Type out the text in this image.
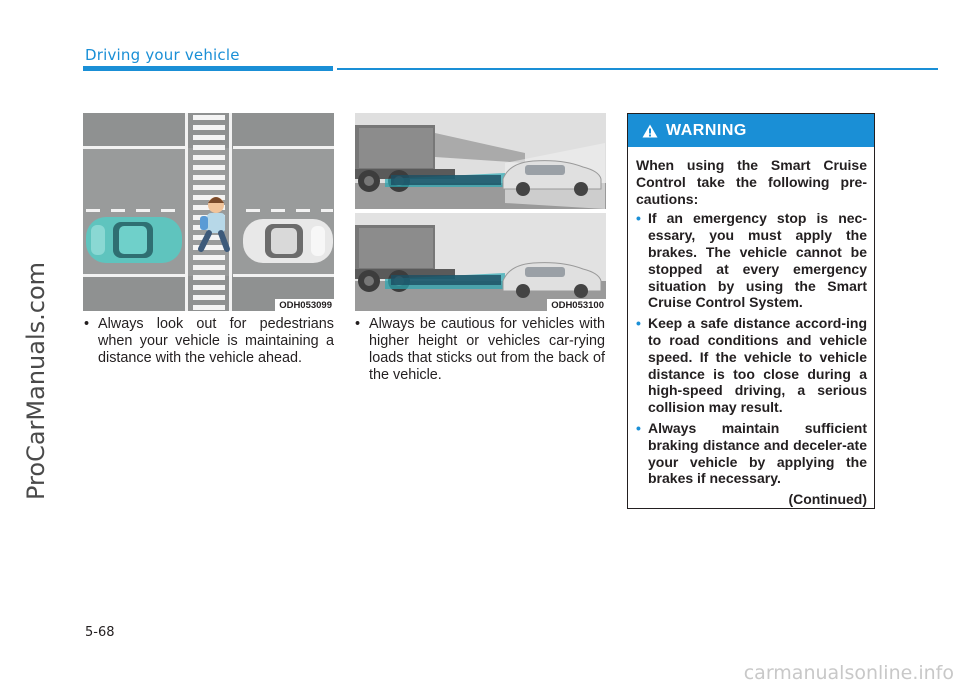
Driving your vehicle
ProCarManuals.com	ODH053099	ODH053100
• Always look out for pedestrians when your vehicle is maintaining a distance with the vehicle ahead.
• Always be cautious for vehicles with higher height or vehicles car-rying loads that sticks out from the back of the vehicle.
WARNING

When using the Smart Cruise Control take the following pre-cautions:

• If an emergency stop is nec-essary, you must apply the brakes. The vehicle cannot be stopped at every emergency situation by using the Smart Cruise Control System.
• Keep a safe distance accord-ing to road conditions and vehicle speed. If the vehicle to vehicle distance is too close during a high-speed driving, a serious collision may result.
• Always maintain sufficient braking distance and deceler-ate your vehicle by applying the brakes if necessary.
(Continued)
5-68
carmanualsonline.info
